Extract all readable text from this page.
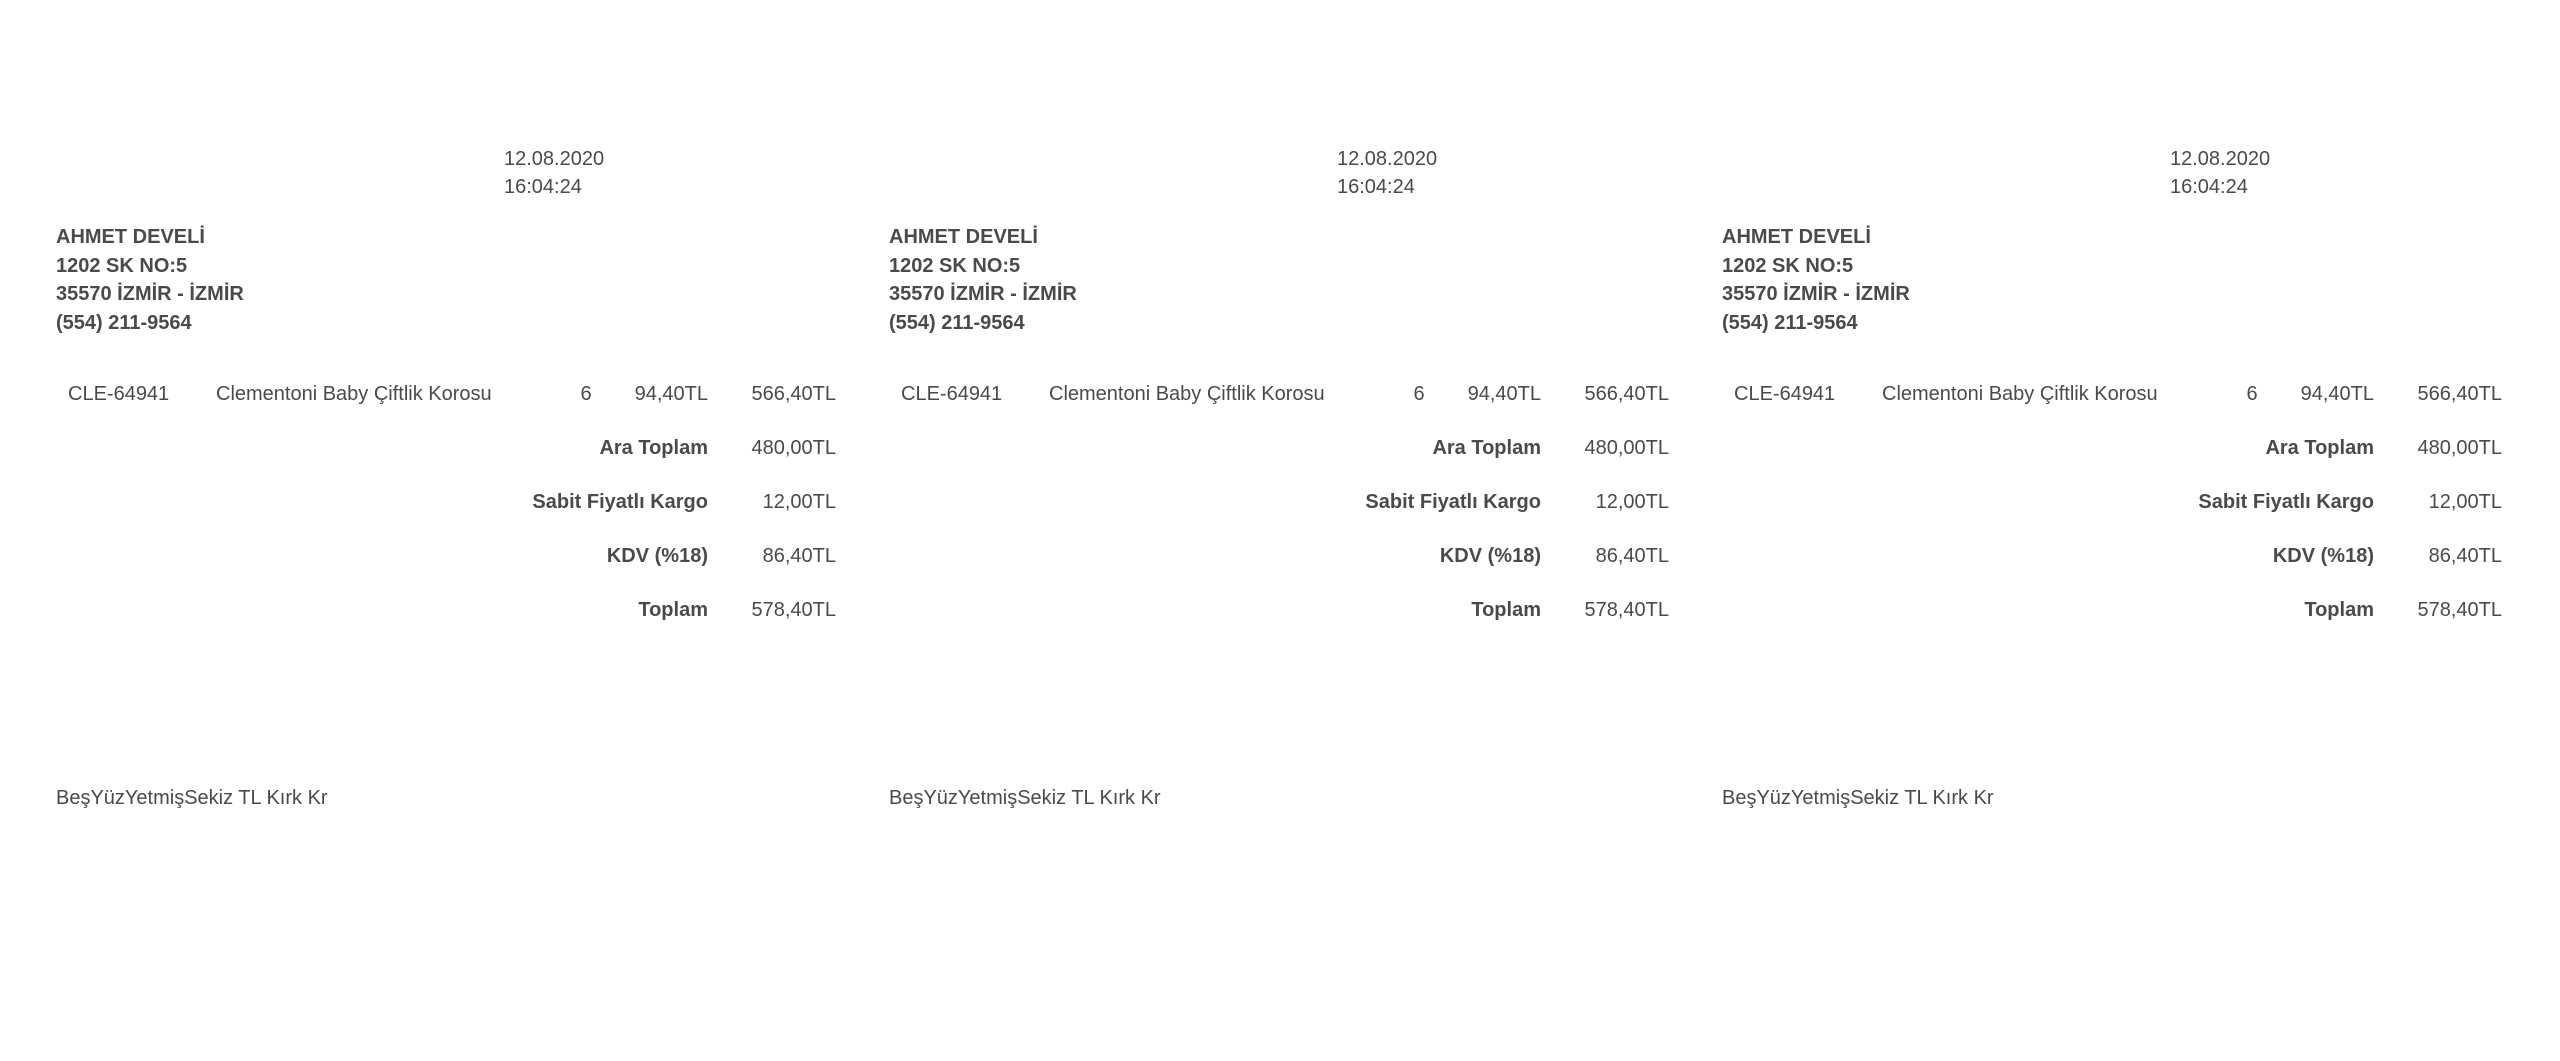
12.08.2020
16:04:24
AHMET DEVELİ
1202 SK NO:5
35570 İZMİR - İZMİR
(554) 211-9564
CLE-64941 Clementoni Baby Çiftlik Korosu	6	94,40TL 566,40TL
Ara Toplam 480,00TL
Sabit Fiyatlı Kargo	12,00TL
KDV (%18)	86,40TL
Toplam 578,40TL
BeşYüzYetmişSekiz TL Kırk Kr
12.08.2020
16:04:24
AHMET DEVELİ
1202 SK NO:5
35570 İZMİR - İZMİR
(554) 211-9564
CLE-64941 Clementoni Baby Çiftlik Korosu	6	94,40TL 566,40TL
Ara Toplam 480,00TL
Sabit Fiyatlı Kargo	12,00TL
KDV (%18)	86,40TL
Toplam 578,40TL
BeşYüzYetmişSekiz TL Kırk Kr
12.08.2020
16:04:24
AHMET DEVELİ
1202 SK NO:5
35570 İZMİR - İZMİR
(554) 211-9564
CLE-64941 Clementoni Baby Çiftlik Korosu	6	94,40TL 566,40TL
Ara Toplam 480,00TL
Sabit Fiyatlı Kargo	12,00TL
KDV (%18)	86,40TL
Toplam 578,40TL
BeşYüzYetmişSekiz TL Kırk Kr
